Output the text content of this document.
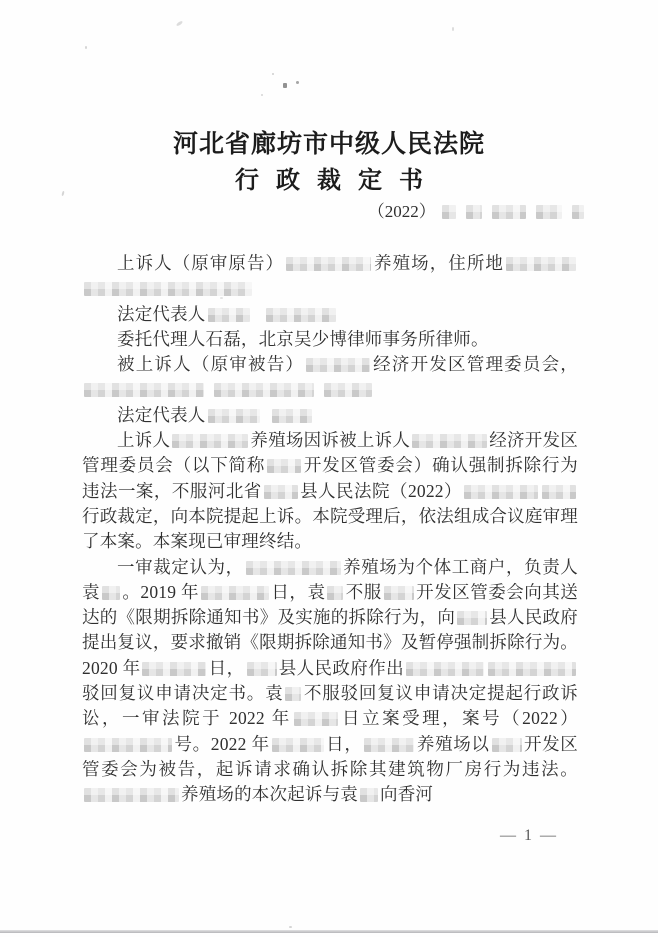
河北省廊坊市中级人民法院
行政裁定书
（2022）

上诉人（原审原告）	养殖场，住所地

法定代表人

委托代理人石磊，北京吴少博律师事务所律师。

被上诉人（原审被告）	经济开发区管理委员会，

法定代表人

上诉人	养殖场因诉被上诉人	经济开发区管理委员会（以下简称 开发区管委会）确认强制拆除行为违法一案，不服河北省 县人民法院（2022）行政裁定，向本院提起上诉。本院受理后，依法组成合议庭审理了本案。本案现已审理终结。

一审裁定认为，	养殖场为个体工商户，负责人袁 。2019 年	日，袁 不服 开发区管委会向其送达的《限期拆除通知书》及实施的拆除行为，向 县人民政府提出复议，要求撤销《限期拆除通知书》及暂停强制拆除行为。2020 年	日， 县人民政府作出驳回复议申请决定书。袁 不服驳回复议申请决定提起行政诉讼，一审法院于 2022 年	日立案受理，案号（2022）号。2022 年	日，	养殖场以 开发区管委会为被告，起诉请求确认拆除其建筑物厂房行为违法。养殖场的本次起诉与袁 向香河

— 1 —
